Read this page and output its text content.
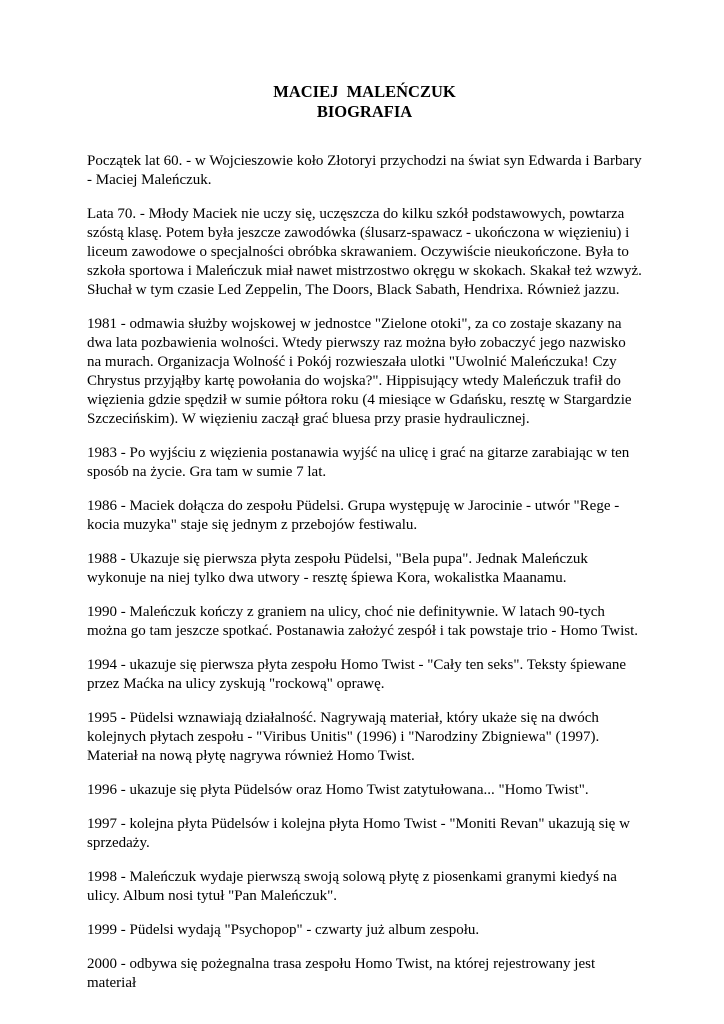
MACIEJ  MALEŃCZUK
BIOGRAFIA

Początek lat 60. - w Wojcieszowie koło Złotoryi przychodzi na świat syn Edwarda i Barbary - Maciej Maleńczuk.

Lata 70. - Młody Maciek nie uczy się, uczęszcza do kilku szkół podstawowych, powtarza szóstą klasę. Potem była jeszcze zawodówka (ślusarz-spawacz - ukończona w więzieniu) i liceum zawodowe o specjalności obróbka skrawaniem. Oczywiście nieukończone. Była to szkoła sportowa i Maleńczuk miał nawet mistrzostwo okręgu w skokach. Skakał też wzwyż. Słuchał w tym czasie Led Zeppelin, The Doors, Black Sabath, Hendrixa. Również jazzu.

1981 - odmawia służby wojskowej w jednostce "Zielone otoki", za co zostaje skazany na dwa lata pozbawienia wolności. Wtedy pierwszy raz można było zobaczyć jego nazwisko na murach. Organizacja Wolność i Pokój rozwieszała ulotki "Uwolnić Maleńczuka! Czy Chrystus przyjąłby kartę powołania do wojska?". Hippisujący wtedy Maleńczuk trafił do więzienia gdzie spędził w sumie półtora roku (4 miesiące w Gdańsku, resztę w Stargardzie Szczecińskim). W więzieniu zaczął grać bluesa przy prasie hydraulicznej.

1983 - Po wyjściu z więzienia postanawia wyjść na ulicę i grać na gitarze zarabiając w ten sposób na życie. Gra tam w sumie 7 lat.

1986 - Maciek dołącza do zespołu Püdelsi. Grupa występuję w Jarocinie - utwór "Rege - kocia muzyka" staje się jednym z przebojów festiwalu.

1988 - Ukazuje się pierwsza płyta zespołu Püdelsi, "Bela pupa". Jednak Maleńczuk wykonuje na niej tylko dwa utwory - resztę śpiewa Kora, wokalistka Maanamu.

1990 - Maleńczuk kończy z graniem na ulicy, choć nie definitywnie. W latach 90-tych można go tam jeszcze spotkać. Postanawia założyć zespół i tak powstaje trio - Homo Twist.

1994 - ukazuje się pierwsza płyta zespołu Homo Twist - "Cały ten seks". Teksty śpiewane przez Maćka na ulicy zyskują "rockową" oprawę.

1995 - Püdelsi wznawiają działalność. Nagrywają materiał, który ukaże się na dwóch kolejnych płytach zespołu - "Viribus Unitis" (1996) i "Narodziny Zbigniewa" (1997). Materiał na nową płytę nagrywa również Homo Twist.

1996 - ukazuje się płyta Püdelsów oraz Homo Twist zatytułowana... "Homo Twist".

1997 - kolejna płyta Püdelsów i kolejna płyta Homo Twist - "Moniti Revan" ukazują się w sprzedaży.

1998 - Maleńczuk wydaje pierwszą swoją solową płytę z piosenkami granymi kiedyś na ulicy. Album nosi tytuł "Pan Maleńczuk".

1999 - Püdelsi wydają "Psychopop" - czwarty już album zespołu.

2000 - odbywa się pożegnalna trasa zespołu Homo Twist, na której rejestrowany jest materiał
